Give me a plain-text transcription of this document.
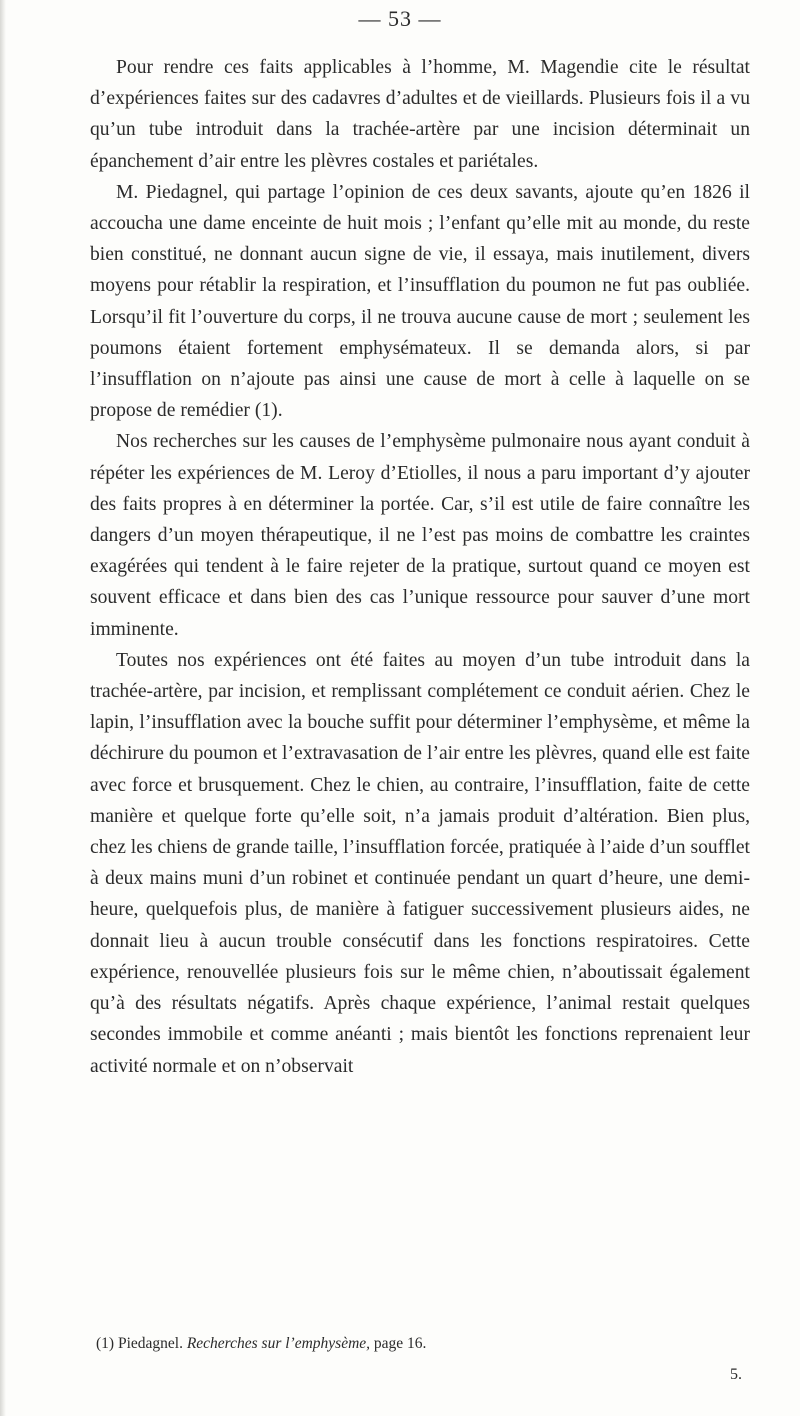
— 53 —

Pour rendre ces faits applicables à l’homme, M. Magendie cite le résultat d’expériences faites sur des cadavres d’adultes et de vieillards. Plusieurs fois il a vu qu’un tube introduit dans la trachée-artère par une incision déterminait un épanchement d’air entre les plèvres costales et pariétales.

M. Piedagnel, qui partage l’opinion de ces deux savants, ajoute qu’en 1826 il accoucha une dame enceinte de huit mois ; l’enfant qu’elle mit au monde, du reste bien constitué, ne donnant aucun signe de vie, il essaya, mais inutilement, divers moyens pour rétablir la respiration, et l’insufflation du poumon ne fut pas oubliée. Lorsqu’il fit l’ouverture du corps, il ne trouva aucune cause de mort ; seulement les poumons étaient fortement emphysémateux. Il se demanda alors, si par l’insufflation on n’ajoute pas ainsi une cause de mort à celle à laquelle on se propose de remédier (1).

Nos recherches sur les causes de l’emphysème pulmonaire nous ayant conduit à répéter les expériences de M. Leroy d’Etiolles, il nous a paru important d’y ajouter des faits propres à en déterminer la portée. Car, s’il est utile de faire connaître les dangers d’un moyen thérapeutique, il ne l’est pas moins de combattre les craintes exagérées qui tendent à le faire rejeter de la pratique, surtout quand ce moyen est souvent efficace et dans bien des cas l’unique ressource pour sauver d’une mort imminente.

Toutes nos expériences ont été faites au moyen d’un tube introduit dans la trachée-artère, par incision, et remplissant complétement ce conduit aérien. Chez le lapin, l’insufflation avec la bouche suffit pour déterminer l’emphysème, et même la déchirure du poumon et l’extravasation de l’air entre les plèvres, quand elle est faite avec force et brusquement. Chez le chien, au contraire, l’insufflation, faite de cette manière et quelque forte qu’elle soit, n’a jamais produit d’altération. Bien plus, chez les chiens de grande taille, l’insufflation forcée, pratiquée à l’aide d’un soufflet à deux mains muni d’un robinet et continuée pendant un quart d’heure, une demi-heure, quelquefois plus, de manière à fatiguer successivement plusieurs aides, ne donnait lieu à aucun trouble consécutif dans les fonctions respiratoires. Cette expérience, renouvellée plusieurs fois sur le même chien, n’aboutissait également qu’à des résultats négatifs. Après chaque expérience, l’animal restait quelques secondes immobile et comme anéanti ; mais bientôt les fonctions reprenaient leur activité normale et on n’observait

(1) Piedagnel. Recherches sur l’emphysème, page 16.
5.
